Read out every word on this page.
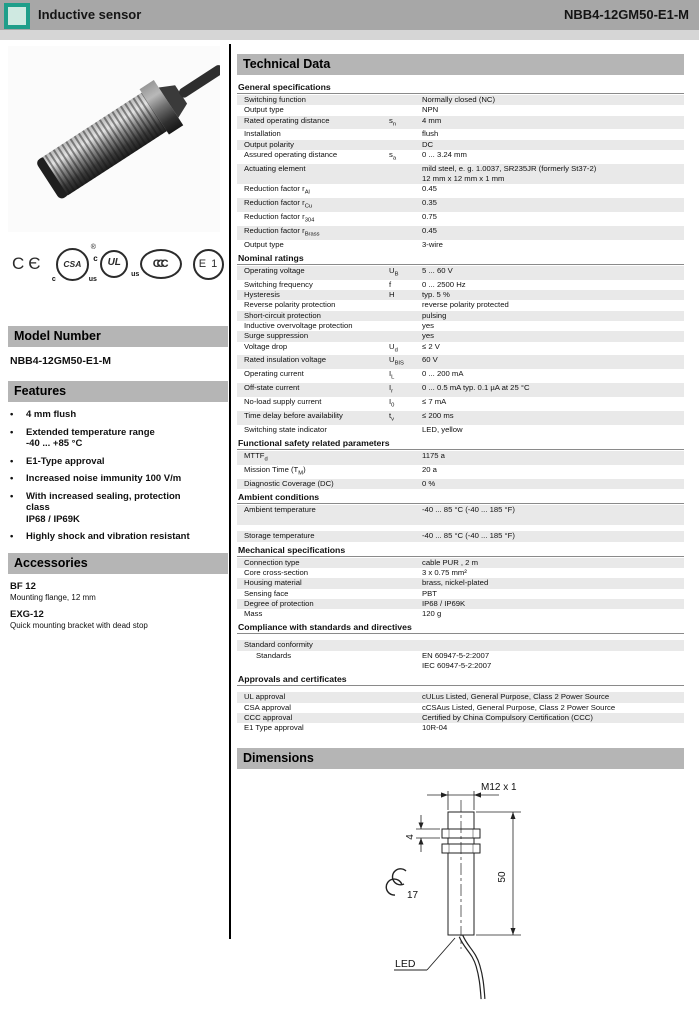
Inductive sensor	NBB4-12GM50-E1-M
CЄ
c
CSA
us
®
c UL
us
CCC	E 1
Model Number
NBB4-12GM50-E1-M
Features
•	4 mm flush
•	Extended temperature range
-40 ... +85 °C
•	E1-Type approval
•	Increased noise immunity 100 V/m
•	With increased sealing, protection
class
IP68 / IP69K
•	Highly shock and vibration resistant
Accessories
BF 12
Mounting flange, 12 mm
EXG-12
Quick mounting bracket with dead stop
Technical Data
General specifications
Switching function	Normally closed (NC)
Output type	NPN
Rated operating distance	$s_n$	4 mm
Installation	flush
Output polarity	DC
Assured operating distance	$s_a$	0 ... 3.24 mm
Actuating element	mild steel, e. g. 1.0037, SR235JR (formerly St37-2)
12 mm x 12 mm x 1 mm
Reduction factor $r_{Al}$	0.45
Reduction factor $r_{Cu}$	0.35
Reduction factor $r_{304}$	0.75
Reduction factor $r_{Brass}$	0.45
Output type	3-wire
Nominal ratings
Operating voltage	$U_B$	5 ... 60 V
Switching frequency	f	0 ... 2500 Hz
Hysteresis	H	typ. 5 %
Reverse polarity protection	reverse polarity protected
Short-circuit protection	pulsing
Inductive overvoltage protection	yes
Surge suppression	yes
Voltage drop	$U_d$	≤ 2 V
Rated insulation voltage	$U_{BIS}$	60 V
Operating current	$I_L$	0 ... 200 mA
Off-state current	$I_r$	0 ... 0.5 mA typ. 0.1 µA at 25 °C
No-load supply current	$I_0$	≤ 7 mA
Time delay before availability	$t_v$	≤ 200 ms
Switching state indicator	LED, yellow
Functional safety related parameters
$MTTF_d$	1175 a
Mission Time $(T_M)$	20 a
Diagnostic Coverage (DC)	0 %
Ambient conditions
Ambient temperature	-40 ... 85 °C (-40 ... 185 °F)
Storage temperature	-40 ... 85 °C (-40 ... 185 °F)
Mechanical specifications
Connection type	cable PUR , 2 m
Core cross-section	3 x 0.75 mm²
Housing material	brass, nickel-plated
Sensing face	PBT
Degree of protection	IP68 / IP69K
Mass	120 g
Compliance with standards and directives
Standard conformity
Standards	EN 60947-5-2:2007
IEC 60947-5-2:2007
Approvals and certificates
UL approval	cULus Listed, General Purpose, Class 2 Power Source
CSA approval	cCSAus Listed, General Purpose, Class 2 Power Source
CCC approval	Certified by China Compulsory Certification (CCC)
E1 Type approval	10R-04
Dimensions
M12 x 1
4
50
17
LED
